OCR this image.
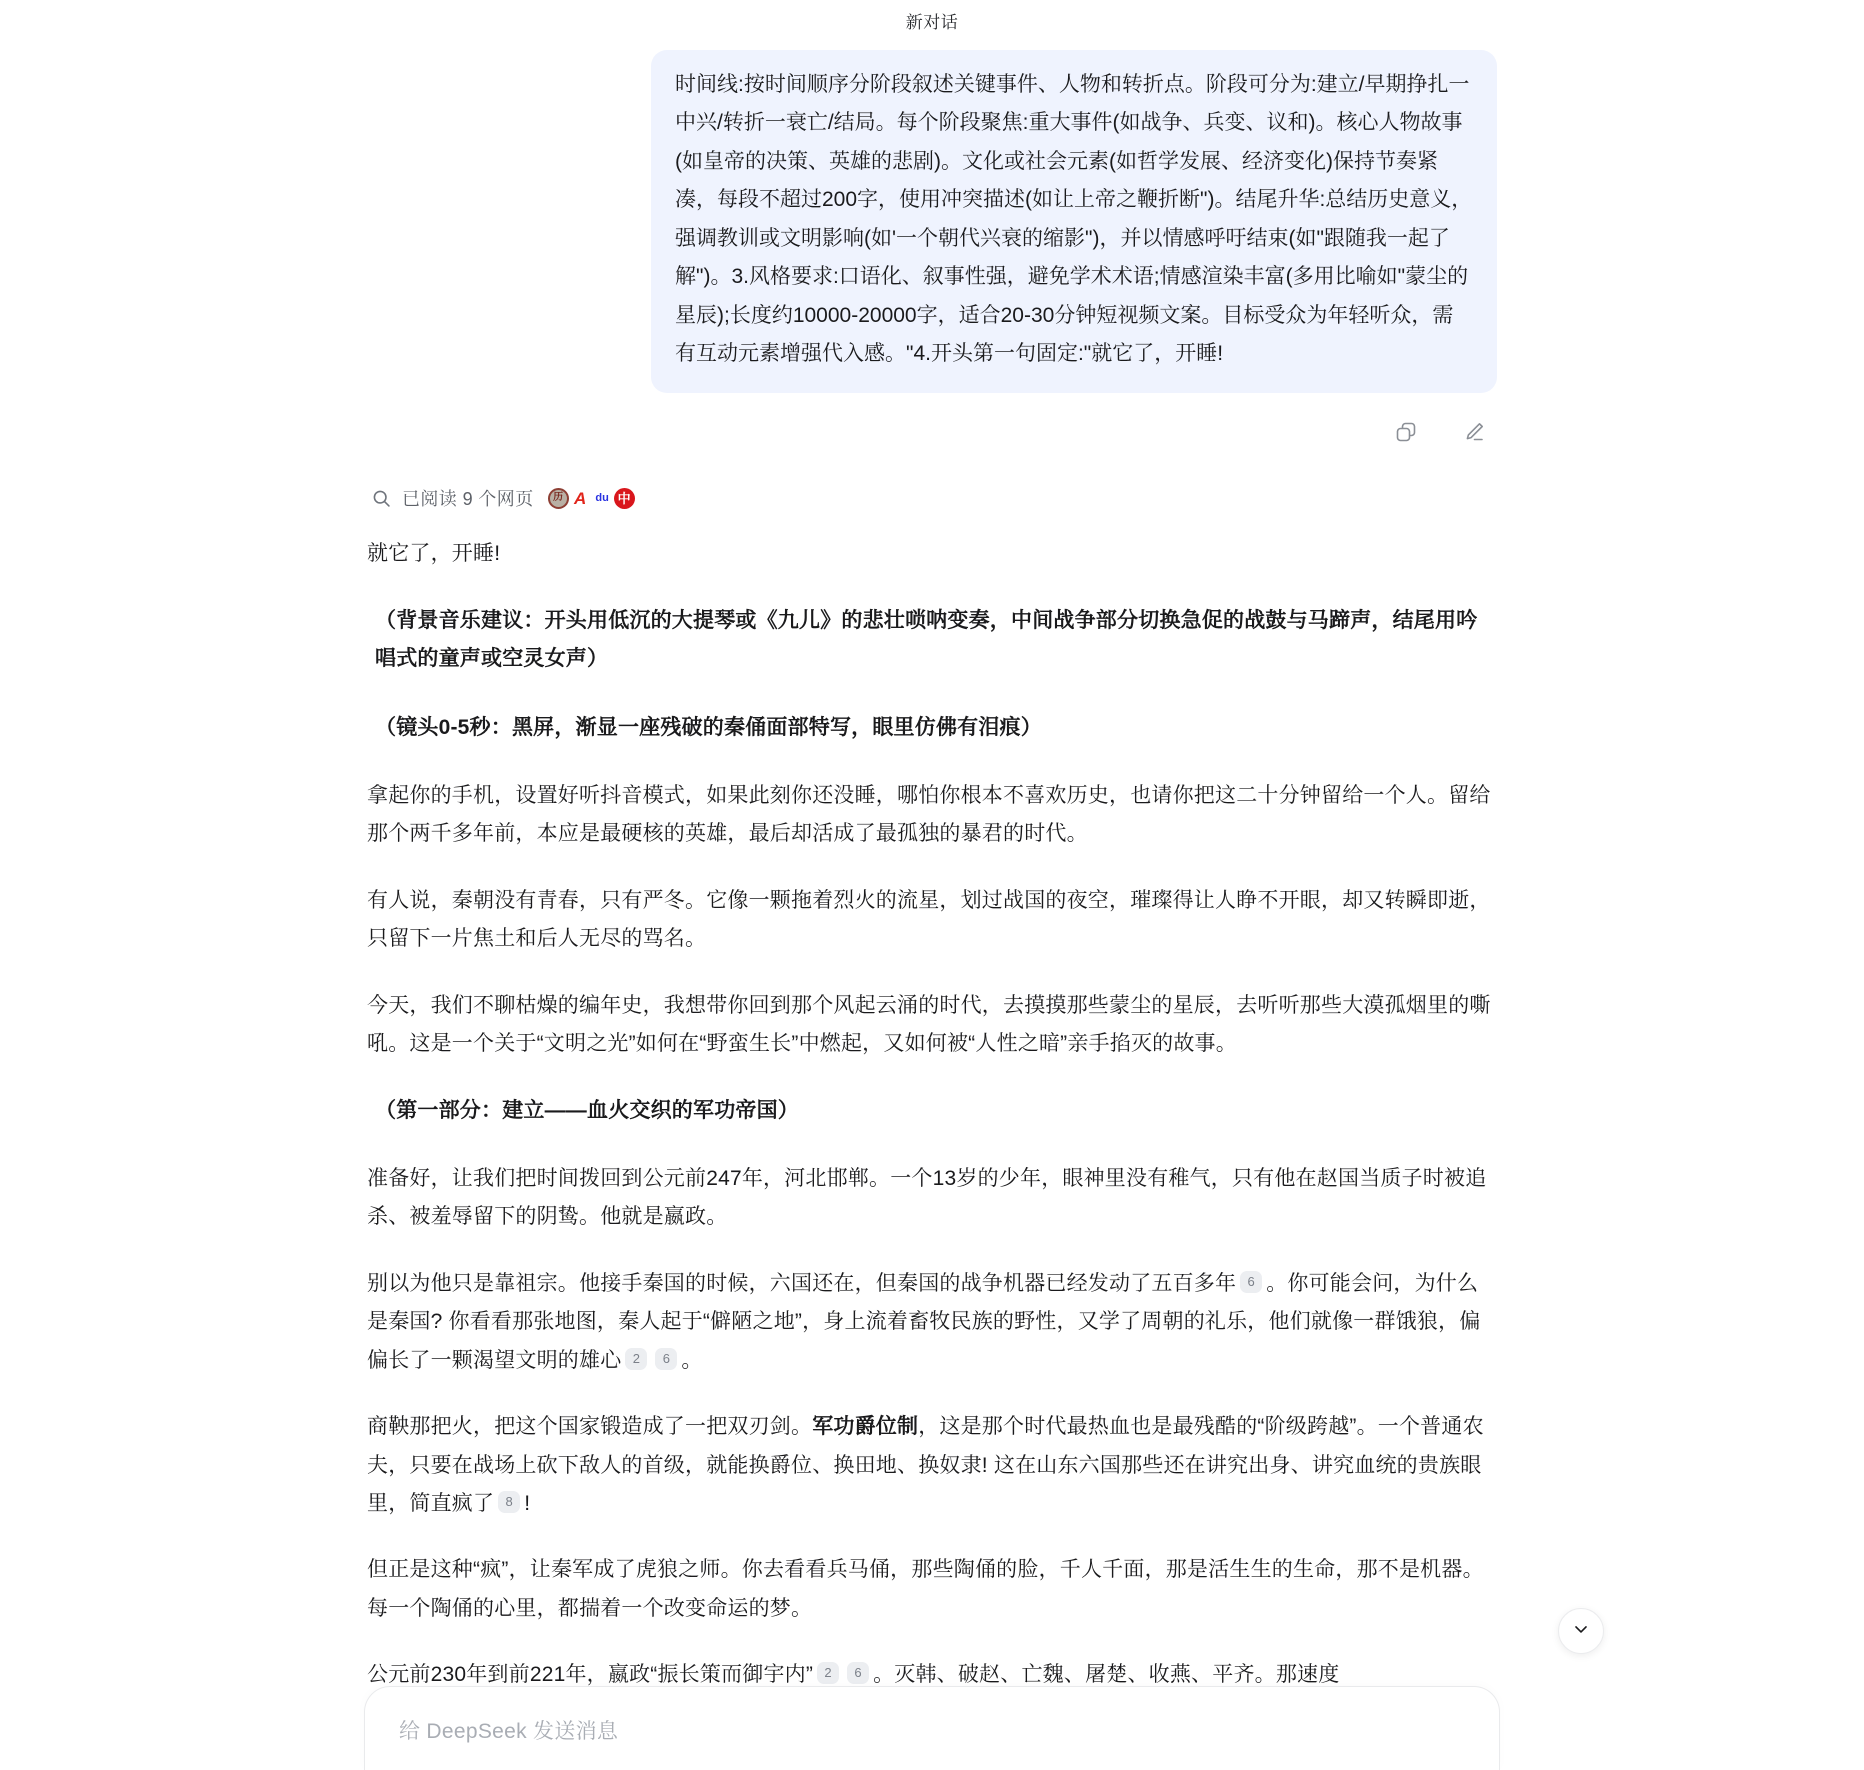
新对话
时间线:按时间顺序分阶段叙述关键事件、人物和转折点。阶段可分为:建立/早期挣扎一中兴/转折一衰亡/结局。每个阶段聚焦:重大事件(如战争、兵变、议和)。核心人物故事(如皇帝的决策、英雄的悲剧)。文化或社会元素(如哲学发展、经济变化)保持节奏紧凑，每段不超过200字，使用冲突描述(如让上帝之鞭折断")。结尾升华:总结历史意义，强调教训或文明影响(如'一个朝代兴衰的缩影")，并以情感呼吁结束(如"跟随我一起了解")。3.风格要求:口语化、叙事性强，避免学术术语;情感渲染丰富(多用比喻如"蒙尘的星辰);长度约10000-20000字，适合20-30分钟短视频文案。目标受众为年轻听众，需有互动元素增强代入感。"4.开头第一句固定:"就它了，开睡!
已阅读 9 个网页	历 A du 中

就它了，开睡!

（背景音乐建议：开头用低沉的大提琴或《九儿》的悲壮唢呐变奏，中间战争部分切换急促的战鼓与马蹄声，结尾用吟唱式的童声或空灵女声）

（镜头0-5秒：黑屏，渐显一座残破的秦俑面部特写，眼里仿佛有泪痕）

拿起你的手机，设置好听抖音模式，如果此刻你还没睡，哪怕你根本不喜欢历史，也请你把这二十分钟留给一个人。留给那个两千多年前，本应是最硬核的英雄，最后却活成了最孤独的暴君的时代。

有人说，秦朝没有青春，只有严冬。它像一颗拖着烈火的流星，划过战国的夜空，璀璨得让人睁不开眼，却又转瞬即逝，只留下一片焦土和后人无尽的骂名。

今天，我们不聊枯燥的编年史，我想带你回到那个风起云涌的时代，去摸摸那些蒙尘的星辰，去听听那些大漠孤烟里的嘶吼。这是一个关于“文明之光”如何在“野蛮生长”中燃起，又如何被“人性之暗”亲手掐灭的故事。

（第一部分：建立——血火交织的军功帝国）

准备好，让我们把时间拨回到公元前247年，河北邯郸。一个13岁的少年，眼神里没有稚气，只有他在赵国当质子时被追杀、被羞辱留下的阴鸷。他就是嬴政。

别以为他只是靠祖宗。他接手秦国的时候，六国还在，但秦国的战争机器已经发动了五百多年 6 。你可能会问，为什么是秦国? 你看看那张地图，秦人起于“僻陋之地”，身上流着畜牧民族的野性，又学了周朝的礼乐，他们就像一群饿狼，偏偏长了一颗渴望文明的雄心 2 6 。

商鞅那把火，把这个国家锻造成了一把双刃剑。军功爵位制，这是那个时代最热血也是最残酷的“阶级跨越”。一个普通农夫，只要在战场上砍下敌人的首级，就能换爵位、换田地、换奴隶! 这在山东六国那些还在讲究出身、讲究血统的贵族眼里，简直疯了 8 !

但正是这种“疯”，让秦军成了虎狼之师。你去看看兵马俑，那些陶俑的脸，千人千面，那是活生生的生命，那不是机器。每一个陶俑的心里，都揣着一个改变命运的梦。

公元前230年到前221年，嬴政“振长策而御宇内” 2 6 。灭韩、破赵、亡魏、屠楚、收燕、平齐。那速度

给 DeepSeek 发送消息
